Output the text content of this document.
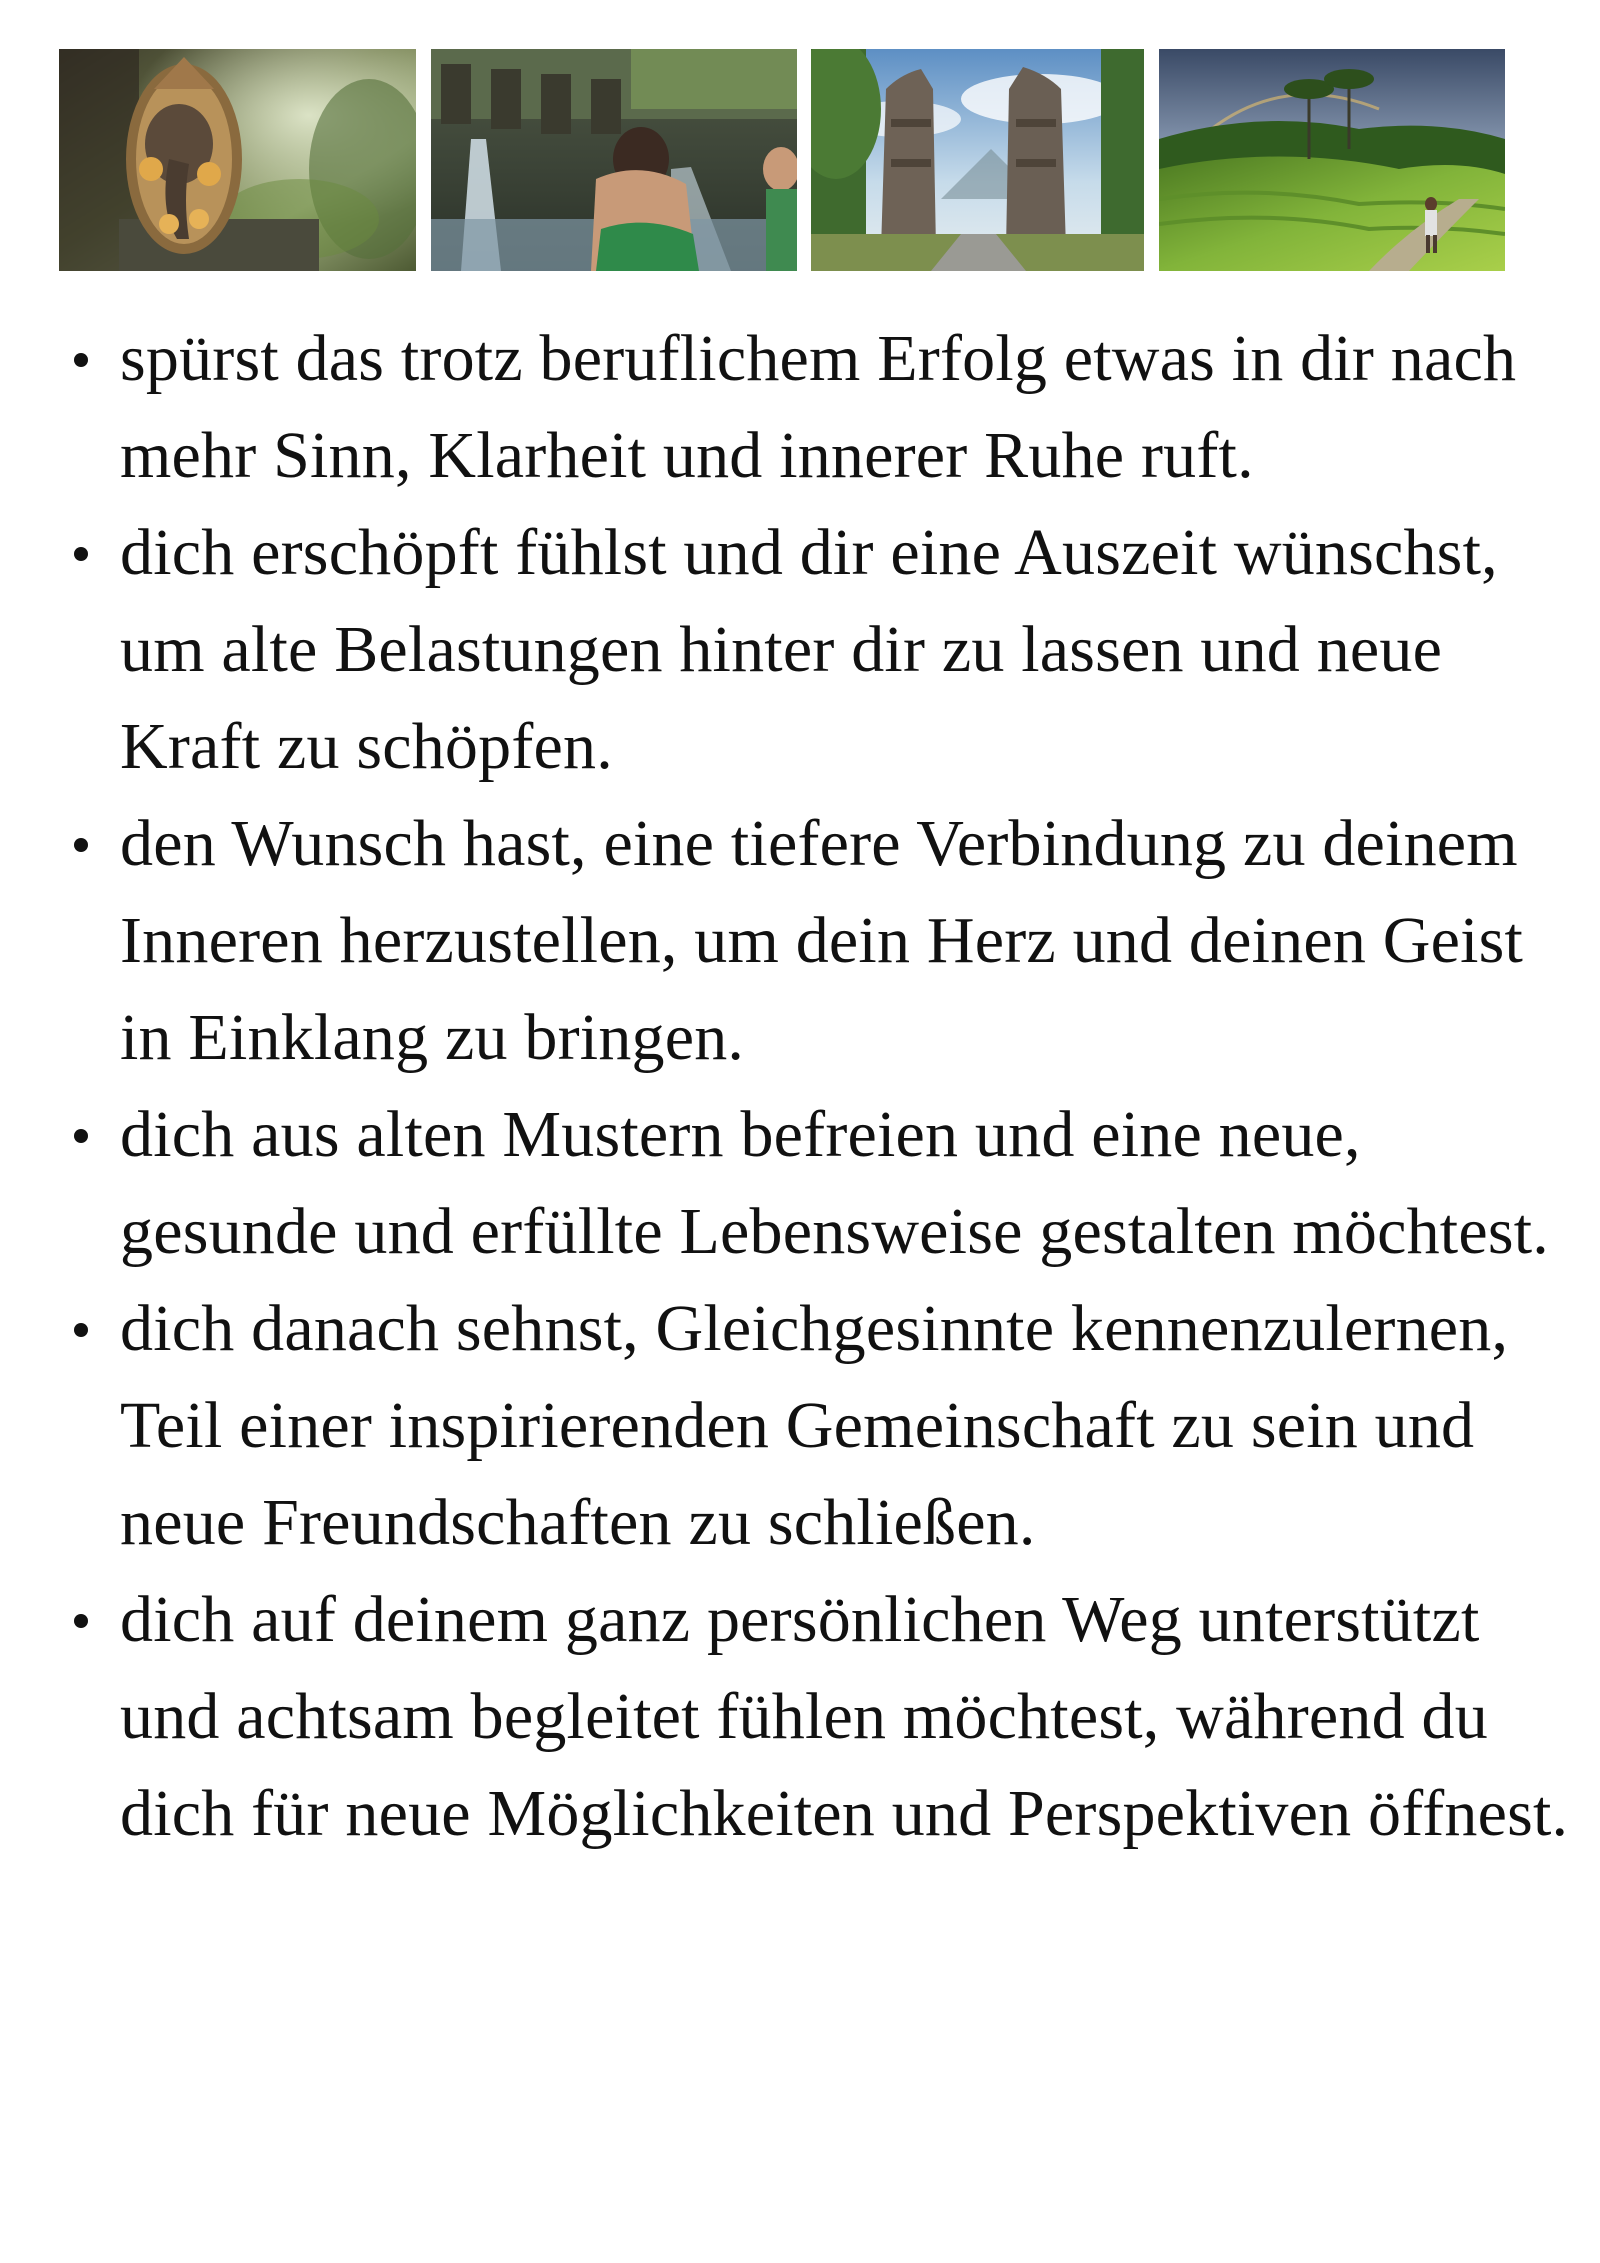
spürst das trotz beruflichem Erfolg etwas in dir nach mehr Sinn, Klarheit und innerer Ruhe ruft.
dich erschöpft fühlst und dir eine Auszeit wünschst, um alte Belastungen hinter dir zu lassen und neue Kraft zu schöpfen.
den Wunsch hast, eine tiefere Verbindung zu deinem Inneren herzustellen, um dein Herz und deinen Geist in Einklang zu bringen.
dich aus alten Mustern befreien und eine neue, gesunde und erfüllte Lebensweise gestalten möchtest.
dich danach sehnst, Gleichgesinnte kennenzulernen, Teil einer inspirierenden Gemeinschaft zu sein und neue Freundschaften zu schließen.
dich auf deinem ganz persönlichen Weg unterstützt und achtsam begleitet fühlen möchtest, während du dich für neue Möglichkeiten und Perspektiven öffnest.
